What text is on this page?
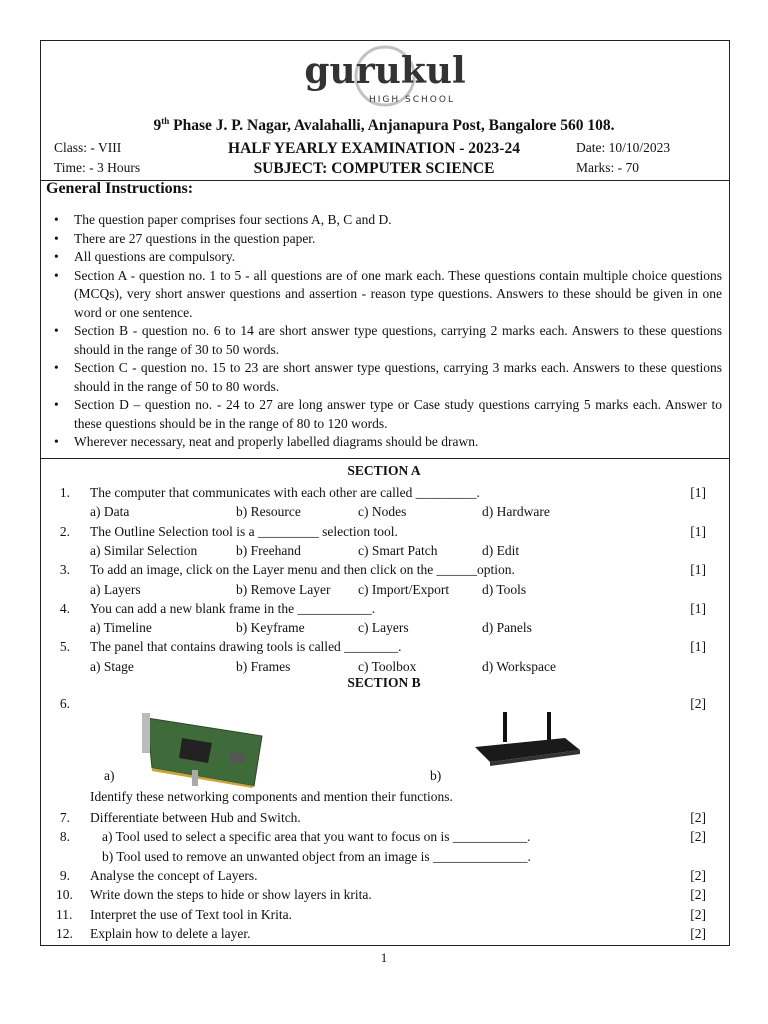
gurukul
HIGH SCHOOL
9th Phase J. P. Nagar, Avalahalli, Anjanapura Post, Bangalore 560 108.
Class: - VIII
Time: - 3 Hours
HALF YEARLY EXAMINATION - 2023-24
SUBJECT: COMPUTER SCIENCE
Date: 10/10/2023
Marks: - 70
General Instructions:
• The question paper comprises four sections A, B, C and D.
• There are 27 questions in the question paper.
• All questions are compulsory.
• Section A - question no. 1 to 5 - all questions are of one mark each. These questions contain multiple choice questions (MCQs), very short answer questions and assertion - reason type questions. Answers to these should be given in one word or one sentence.
• Section B - question no. 6 to 14 are short answer type questions, carrying 2 marks each. Answers to these questions should in the range of 30 to 50 words.
• Section C - question no. 15 to 23 are short answer type questions, carrying 3 marks each. Answers to these questions should in the range of 50 to 80 words.
• Section D – question no. - 24 to 27 are long answer type or Case study questions carrying 5 marks each. Answer to these questions should be in the range of 80 to 120 words.
• Wherever necessary, neat and properly labelled diagrams should be drawn.
SECTION A
1. The computer that communicates with each other are called _________.	[1]
a) Data	b) Resource	c) Nodes	d) Hardware
2. The Outline Selection tool is a _________ selection tool.	[1]
a) Similar Selection	b) Freehand	c) Smart Patch	d) Edit
3. To add an image, click on the Layer menu and then click on the ______option.	[1]
a) Layers	b) Remove Layer c) Import/Export d) Tools
4. You can add a new blank frame in the ___________.	[1]
a) Timeline	b) Keyframe	c) Layers	d) Panels
5. The panel that contains drawing tools is called ________.	[1]
a) Stage	b) Frames	c) Toolbox	d) Workspace
SECTION B
6.	[2]
a)	b)
Identify these networking components and mention their functions.
7. Differentiate between Hub and Switch.	[2]
8. a) Tool used to select a specific area that you want to focus on is ___________.	[2]
b) Tool used to remove an unwanted object from an image is ______________.
9. Analyse the concept of Layers.	[2]
10. Write down the steps to hide or show layers in krita.	[2]
11. Interpret the use of Text tool in Krita.	[2]
12. Explain how to delete a layer.	[2]
1
